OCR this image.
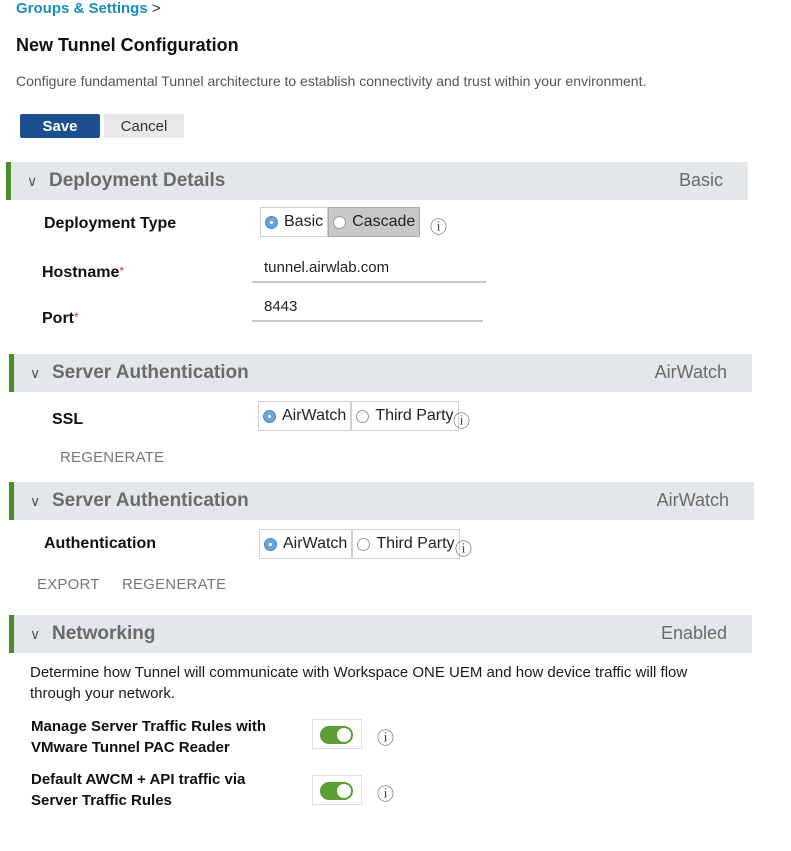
Groups & Settings >
New Tunnel Configuration
Configure fundamental Tunnel architecture to establish connectivity and trust within your environment.
Save	Cancel
∨ Deployment Details	Basic
Deployment Type	Basic Cascade ⓘ
Hostname*
tunnel.airwlab.com
Port*
8443
∨ Server Authentication	AirWatch
SSL	AirWatch Third Party ⓘ
REGENERATE
∨ Server Authentication	AirWatch
Authentication	AirWatch Third Party ⓘ
EXPORT REGENERATE
∨ Networking	Enabled
Determine how Tunnel will communicate with Workspace ONE UEM and how device traffic will flow through your network.
Manage Server Traffic Rules with
VMware Tunnel PAC Reader	ⓘ
Default AWCM + API traffic via
Server Traffic Rules	ⓘ
